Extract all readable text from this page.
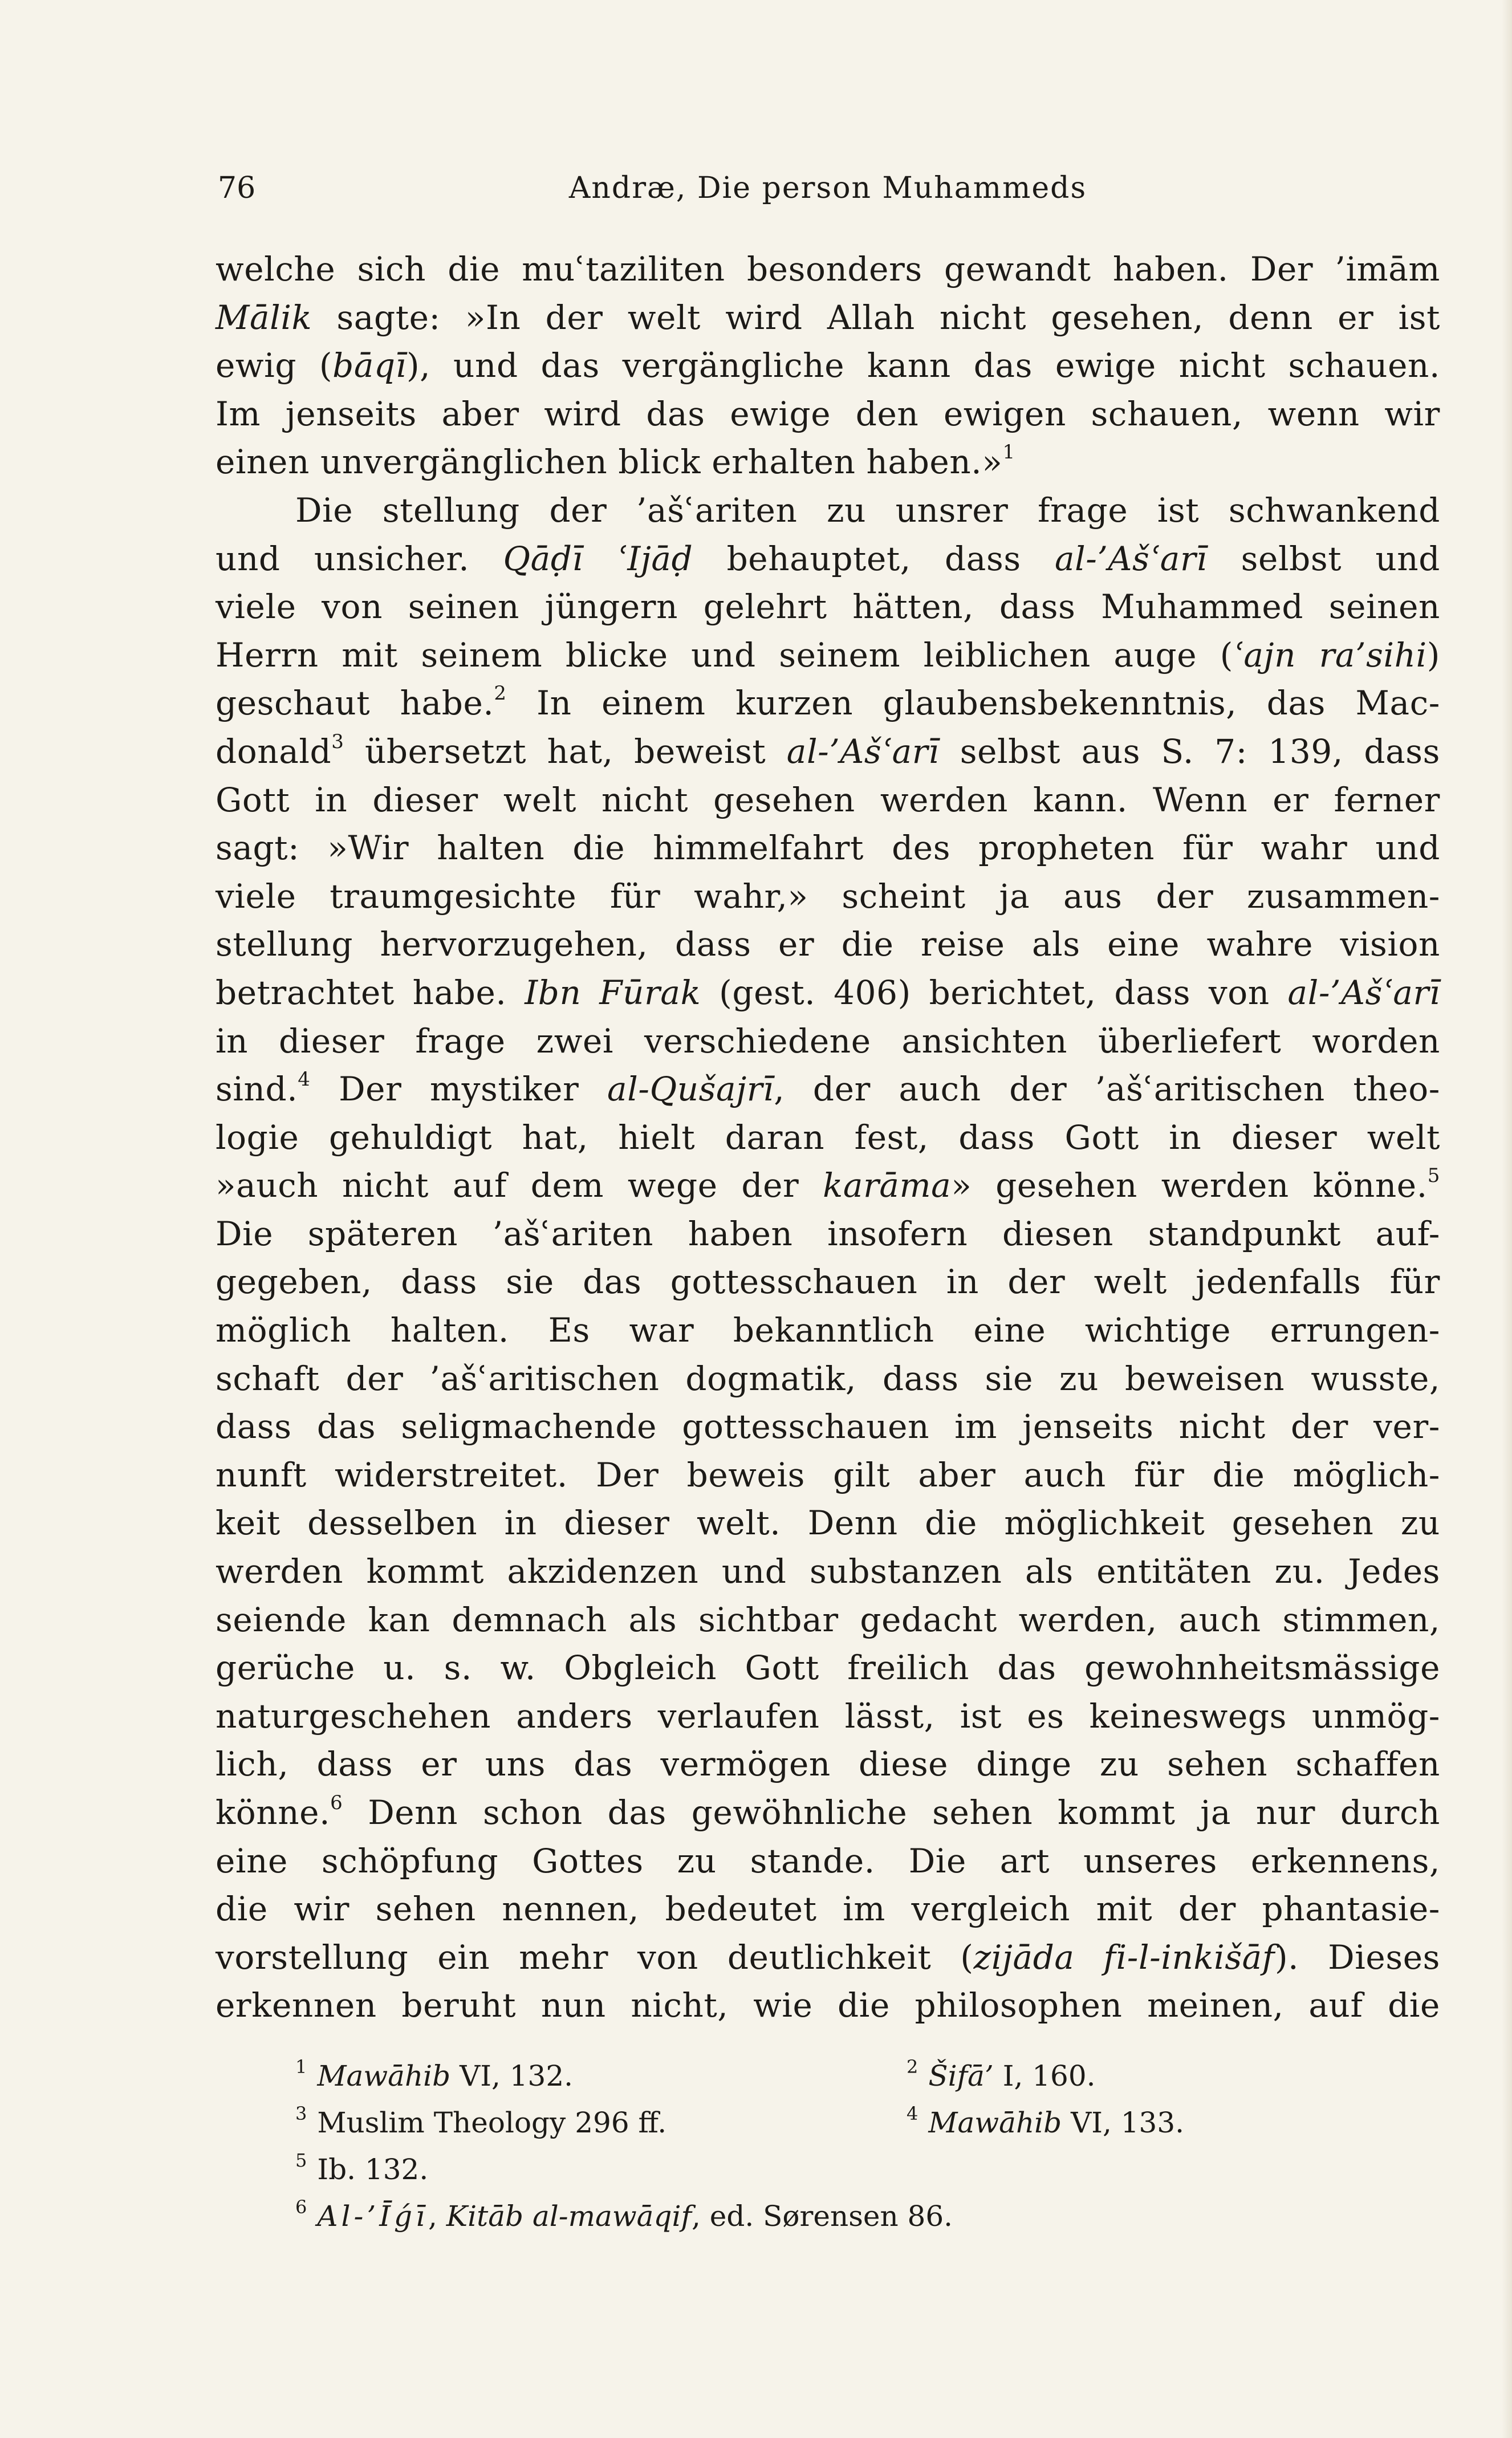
76	Andræ, Die person Muhammeds
welche sich die muʿtaziliten besonders gewandt haben. Der ’imām
Mālik sagte: »In der welt wird Allah nicht gesehen, denn er ist
ewig (bāqī), und das vergängliche kann das ewige nicht schauen.
Im jenseits aber wird das ewige den ewigen schauen, wenn wir
einen unvergänglichen blick erhalten haben.»$^1$
Die stellung der ’ašʿariten zu unsrer frage ist schwankend
und unsicher. Qāḍī ʿIjāḍ behauptet, dass al-’Ašʿarī selbst und
viele von seinen jüngern gelehrt hätten, dass Muhammed seinen
Herrn mit seinem blicke und seinem leiblichen auge (ʿajn ra’sihi)
geschaut habe.$^2$ In einem kurzen glaubensbekenntnis, das Mac-
donald$^3$ übersetzt hat, beweist al-’Ašʿarī selbst aus S. 7: 139, dass
Gott in dieser welt nicht gesehen werden kann. Wenn er ferner
sagt: »Wir halten die himmelfahrt des propheten für wahr und
viele traumgesichte für wahr,» scheint ja aus der zusammen-
stellung hervorzugehen, dass er die reise als eine wahre vision
betrachtet habe. Ibn Fūrak (gest. 406) berichtet, dass von al-’Ašʿarī
in dieser frage zwei verschiedene ansichten überliefert worden
sind.$^4$ Der mystiker al-Qušajrī, der auch der ’ašʿaritischen theo-
logie gehuldigt hat, hielt daran fest, dass Gott in dieser welt
»auch nicht auf dem wege der karāma» gesehen werden könne.$^5$
Die späteren ’ašʿariten haben insofern diesen standpunkt auf-
gegeben, dass sie das gottesschauen in der welt jedenfalls für
möglich halten. Es war bekanntlich eine wichtige errungen-
schaft der ’ašʿaritischen dogmatik, dass sie zu beweisen wusste,
dass das seligmachende gottesschauen im jenseits nicht der ver-
nunft widerstreitet. Der beweis gilt aber auch für die möglich-
keit desselben in dieser welt. Denn die möglichkeit gesehen zu
werden kommt akzidenzen und substanzen als entitäten zu. Jedes
seiende kan demnach als sichtbar gedacht werden, auch stimmen,
gerüche u. s. w. Obgleich Gott freilich das gewohnheitsmässige
naturgeschehen anders verlaufen lässt, ist es keineswegs unmög-
lich, dass er uns das vermögen diese dinge zu sehen schaffen
könne.$^6$ Denn schon das gewöhnliche sehen kommt ja nur durch
eine schöpfung Gottes zu stande. Die art unseres erkennens,
die wir sehen nennen, bedeutet im vergleich mit der phantasie-
vorstellung ein mehr von deutlichkeit (zijāda fi-l-inkišāf). Dieses
erkennen beruht nun nicht, wie die philosophen meinen, auf die
$^1$ Mawāhib VI, 132.	$^2$ Šifā’ I, 160.
$^3$ Muslim Theology 296 ff.	$^4$ Mawāhib VI, 133.
$^5$ Ib. 132.
$^6$ Al-’Īǵī, Kitāb al-mawāqif, ed. Sørensen 86.
